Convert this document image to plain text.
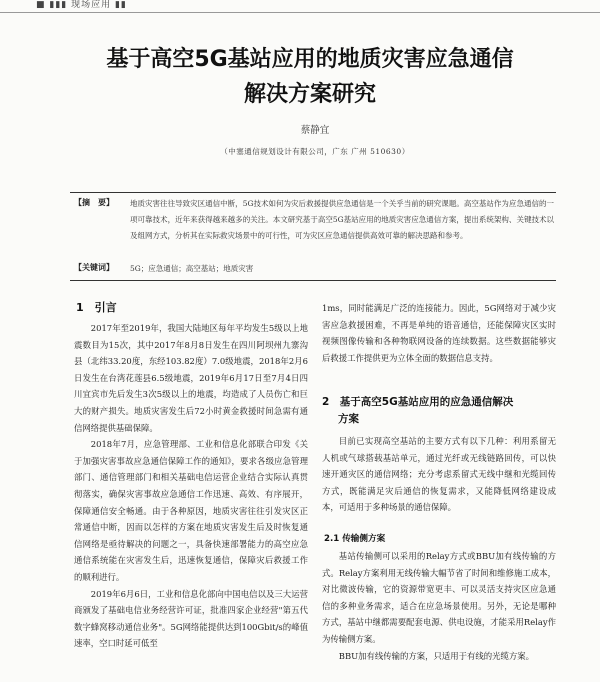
■ ▮▮▮ 现场应用 ▮▮
基于高空5G基站应用的地质灾害应急通信
解决方案研究
蔡静宜
（中塞通信规划设计有限公司，广东 广州 510630）
【摘　要】 地质灾害往往导致灾区通信中断，5G技术如何为灾后救援提供应急通信是一个关乎当前的研究课题。高空基站作为应急通信的一项可靠技术，近年来获得越来越多的关注。本文研究基于高空5G基站应用的地质灾害应急通信方案，提出系统架构、关键技术以及组网方式，分析其在实际救灾场景中的可行性，可为灾区应急通信提供高效可靠的解决思路和参考。
【关键词】 5G；应急通信；高空基站；地质灾害
1　引言

2017年至2019年，我国大陆地区每年平均发生5级以上地震数目为15次，其中2017年8月8日发生在四川阿坝州九寨沟县（北纬33.20度，东经103.82度）7.0级地震，2018年2月6日发生在台湾花莲县6.5级地震，2019年6月17日至7月4日四川宜宾市先后发生3次5级以上的地震，均造成了人员伤亡和巨大的财产损失。地质灾害发生后72小时黄金救援时间急需有通信网络提供基础保障。

2018年7月，应急管理部、工业和信息化部联合印发《关于加强灾害事故应急通信保障工作的通知》，要求各级应急管理部门、通信管理部门和相关基础电信运营企业结合实际认真贯彻落实，确保灾害事故应急通信工作迅速、高效、有序展开，保障通信安全畅通。由于各种原因，地质灾害往往引发灾区正常通信中断，因而以怎样的方案在地质灾害发生后及时恢复通信网络是亟待解决的问题之一，具备快速部署能力的高空应急通信系统能在灾害发生后，迅速恢复通信，保障灾后救援工作的顺利进行。

2019年6月6日，工业和信息化部向中国电信以及三大运营商颁发了基础电信业务经营许可证，批准四家企业经营"第五代数字蜂窝移动通信业务"。5G网络能提供达到100Gbit/s的峰值速率，空口时延可低至

1ms，同时能满足广泛的连接能力。因此，5G网络对于减少灾害应急救援困难，不再是单纯的语音通信，还能保障灾区实时视频图像传输和各种物联网设备的连续数据。这些数据能够灾后救援工作提供更为立体全面的数据信息支持。

2　基于高空5G基站应用的应急通信解决
方案

目前已实现高空基站的主要方式有以下几种：利用系留无人机或气球搭载基站单元，通过光纤或无线链路回传，可以快速开通灾区的通信网络；充分考虑系留式无线中继和光缆回传方式，既能满足灾后通信的恢复需求，又能降低网络建设成本，可适用于多种场景的通信保障。

2.1 传输侧方案

基站传输侧可以采用的Relay方式或BBU加有线传输的方式。Relay方案利用无线传输大幅节省了时间和维修施工成本，对比微波传输，它的资源带宽更丰、可以灵活支持灾区应急通信的多种业务需求，适合在应急场景使用。另外，无论是哪种方式，基站中继都需要配套电源、供电设施，才能采用Relay作为传输侧方案。

BBU加有线传输的方案，只适用于有线的光缆方案。
